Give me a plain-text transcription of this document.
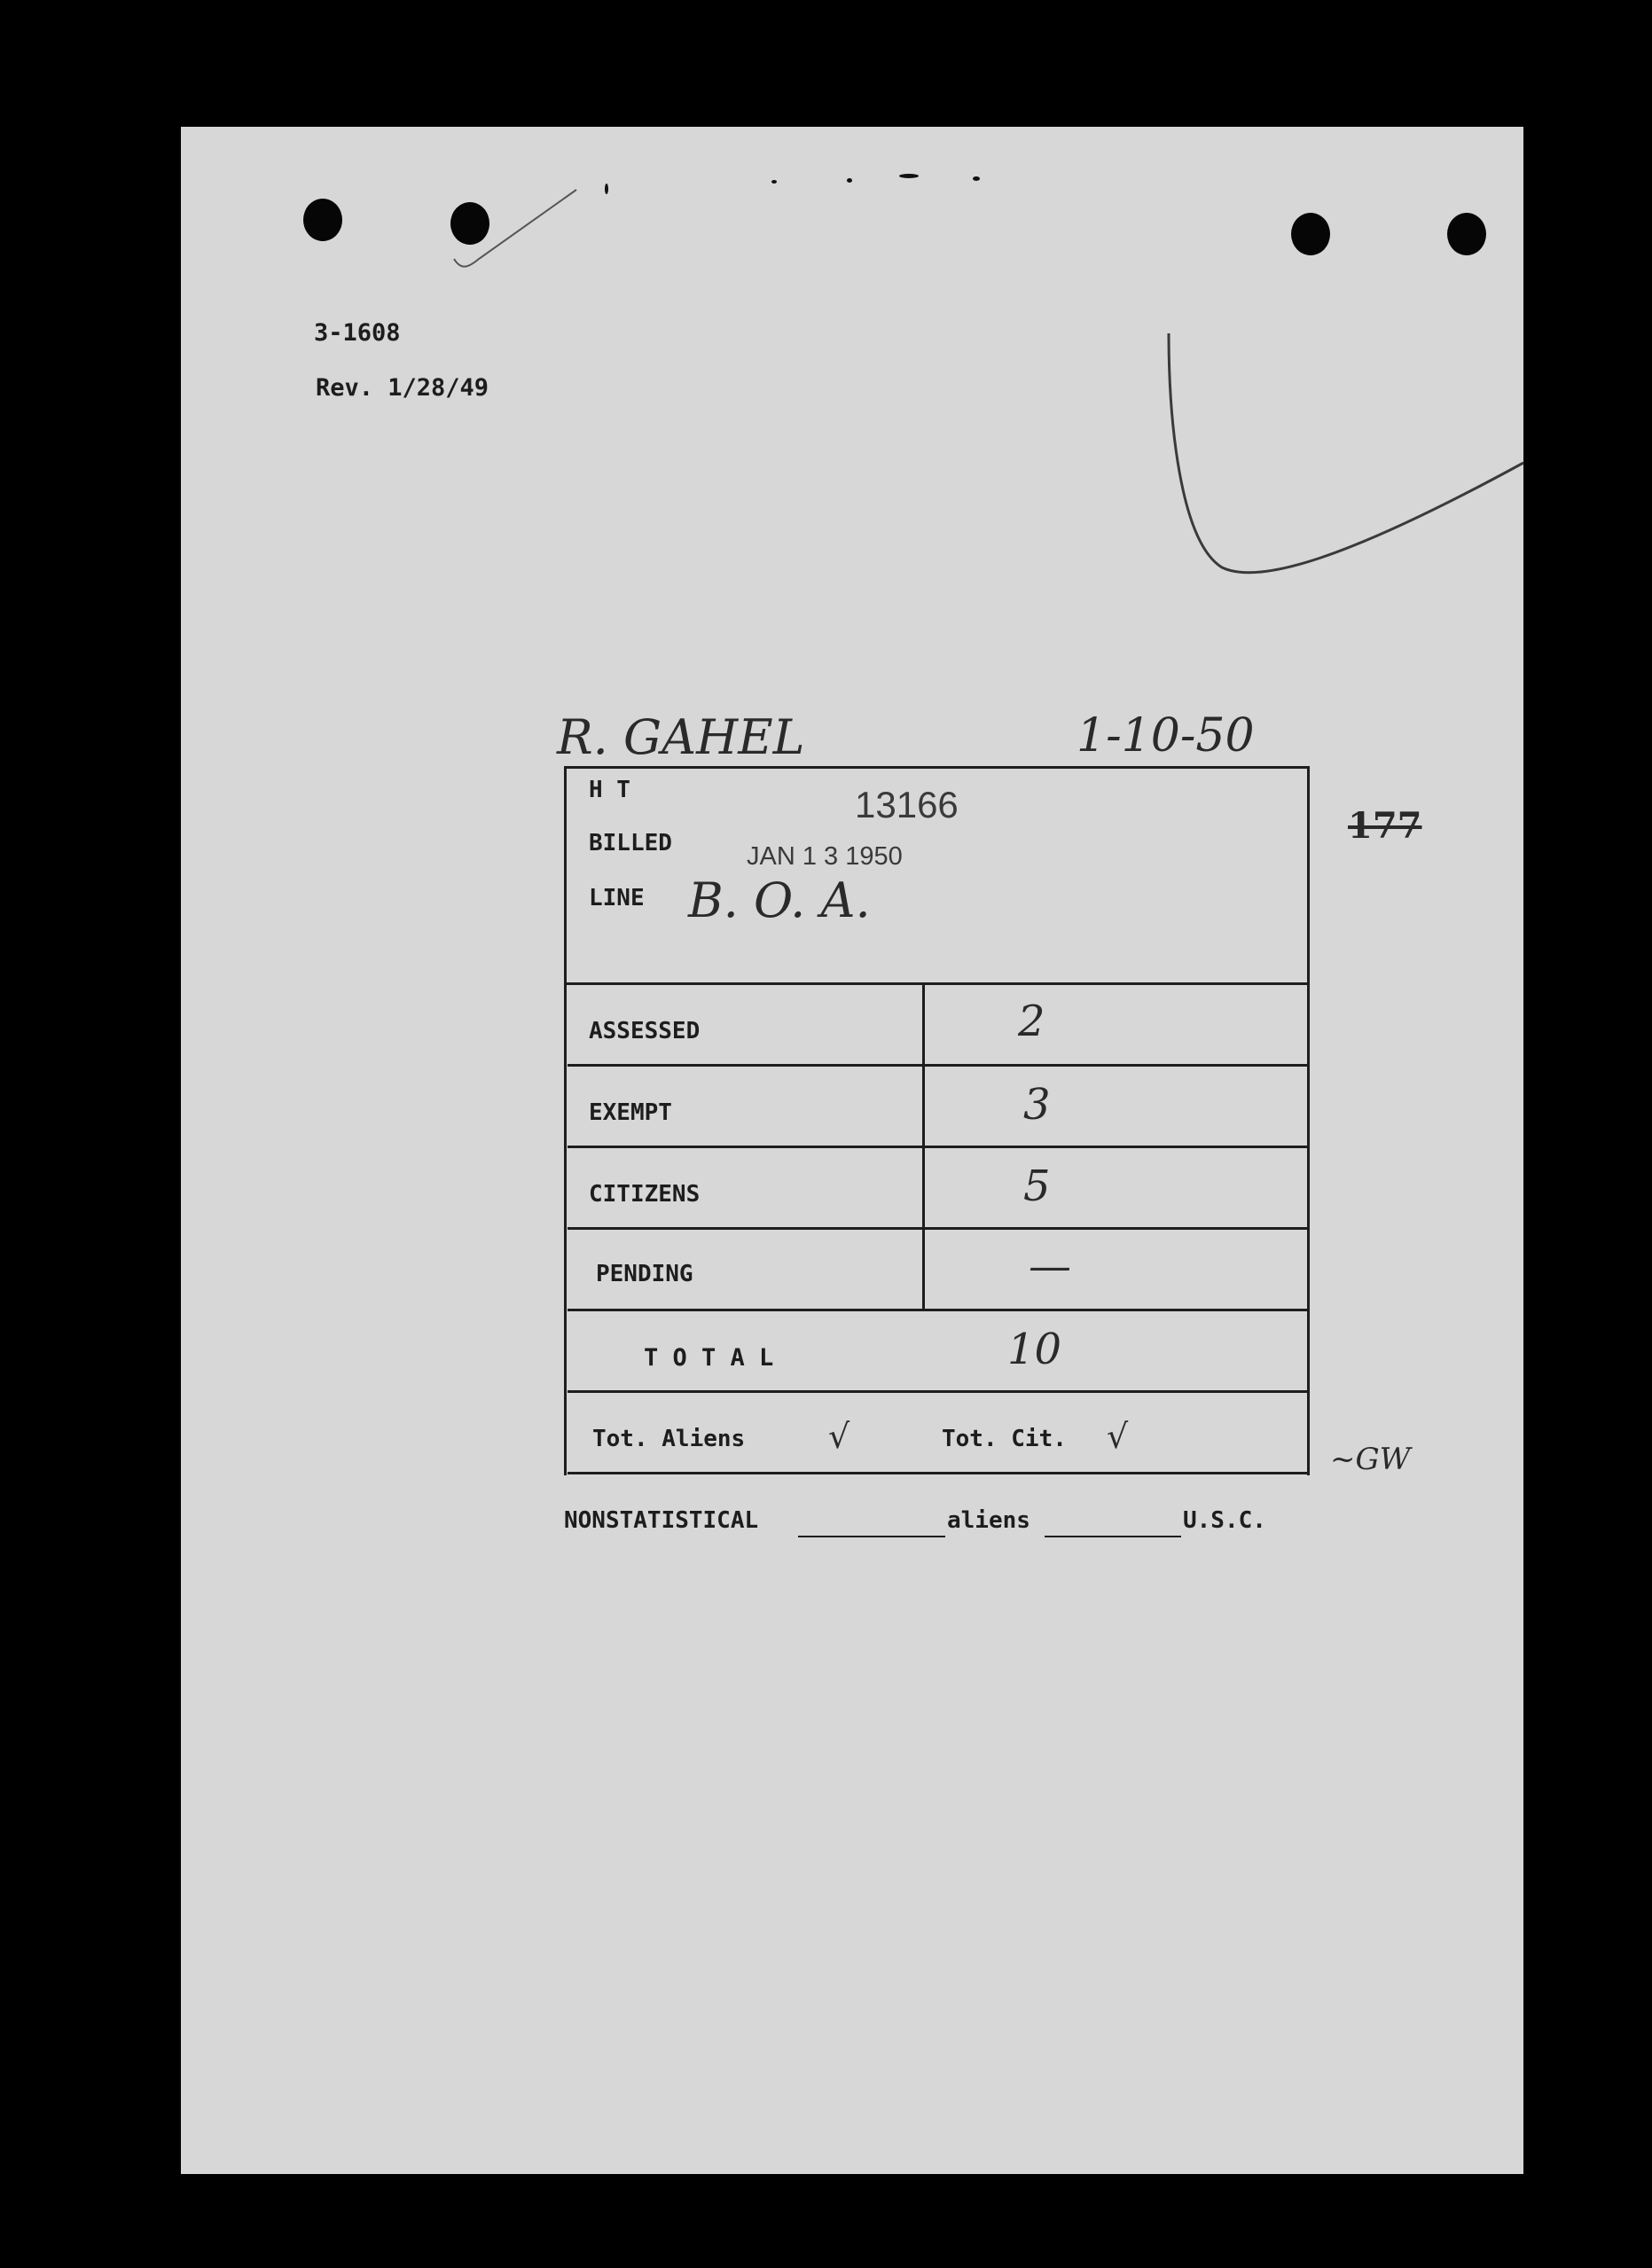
3-1608
Rev. 1/28/49
R. GAHEL	1-10-50
177
H T	13166
BILLED	JAN 1 3 1950
LINE B. O. A.
ASSESSED	2
EXEMPT	3
CITIZENS	5
PENDING	—
T O T A L	10
Tot. Aliens √	Tot. Cit. √
~GW
NONSTATISTICAL	aliens	U.S.C.
